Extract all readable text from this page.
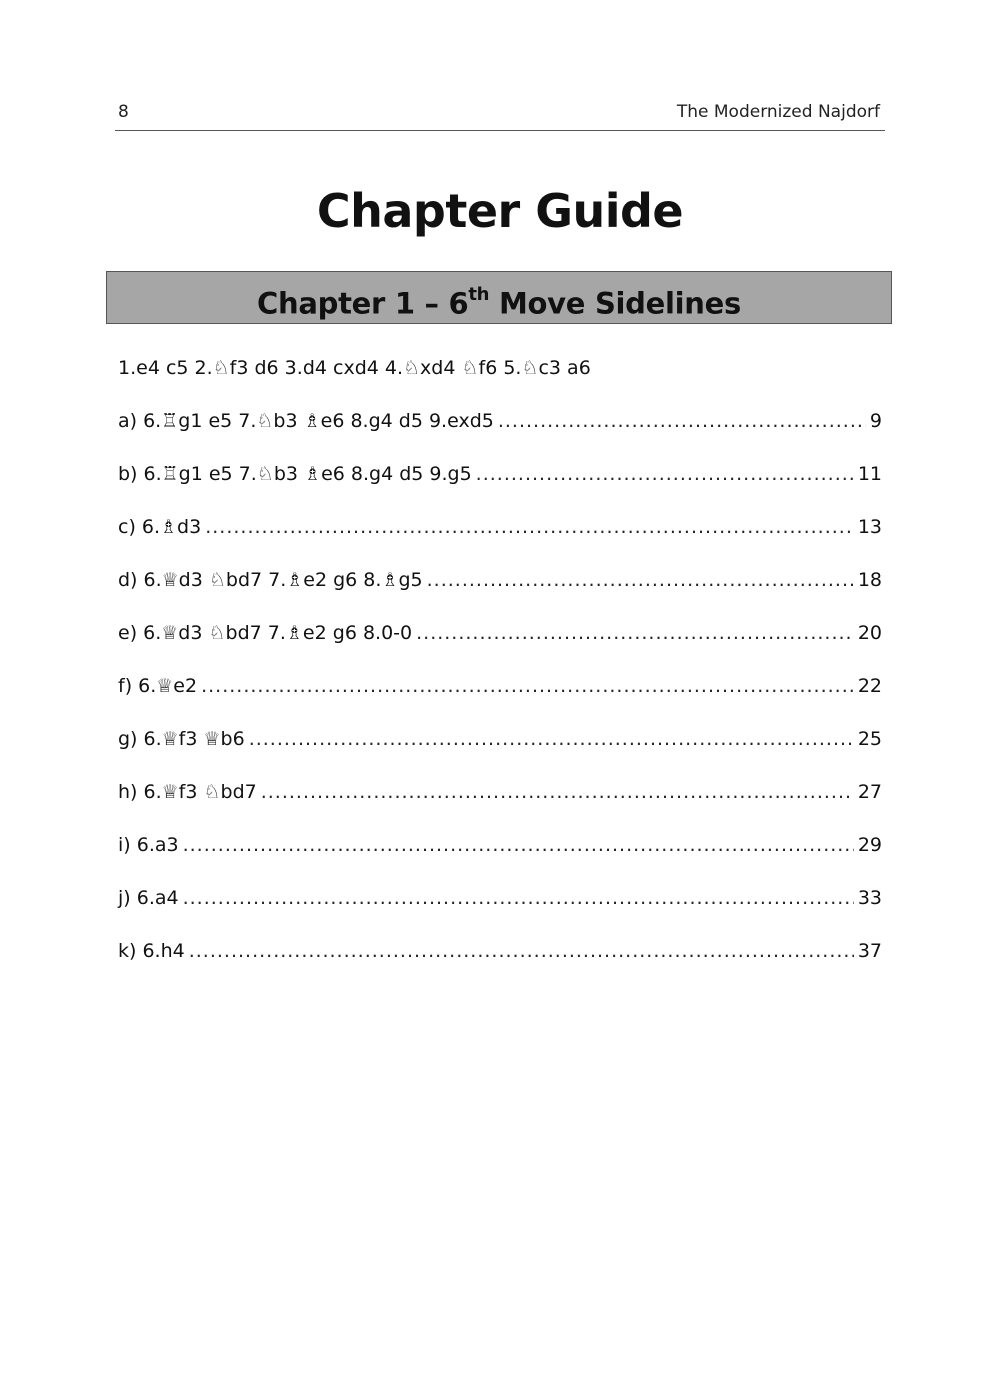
8	The Modernized Najdorf
Chapter Guide
Chapter 1 – 6th Move Sidelines
1.e4 c5 2.♘f3 d6 3.d4 cxd4 4.♘xd4 ♘f6 5.♘c3 a6
a) 6.♖g1 e5 7.♘b3 ♗e6 8.g4 d5 9.exd5 .....	9
b) 6.♖g1 e5 7.♘b3 ♗e6 8.g4 d5 9.g5 .....	11
c) 6.♗d3 .....	13
d) 6.♕d3 ♘bd7 7.♗e2 g6 8.♗g5 .....	18
e) 6.♕d3 ♘bd7 7.♗e2 g6 8.0-0 .....	20
f) 6.♕e2 .....	22
g) 6.♕f3 ♕b6 .....	25
h) 6.♕f3 ♘bd7 .....	27
i) 6.a3 .....	29
j) 6.a4 .....	33
k) 6.h4 .....	37
